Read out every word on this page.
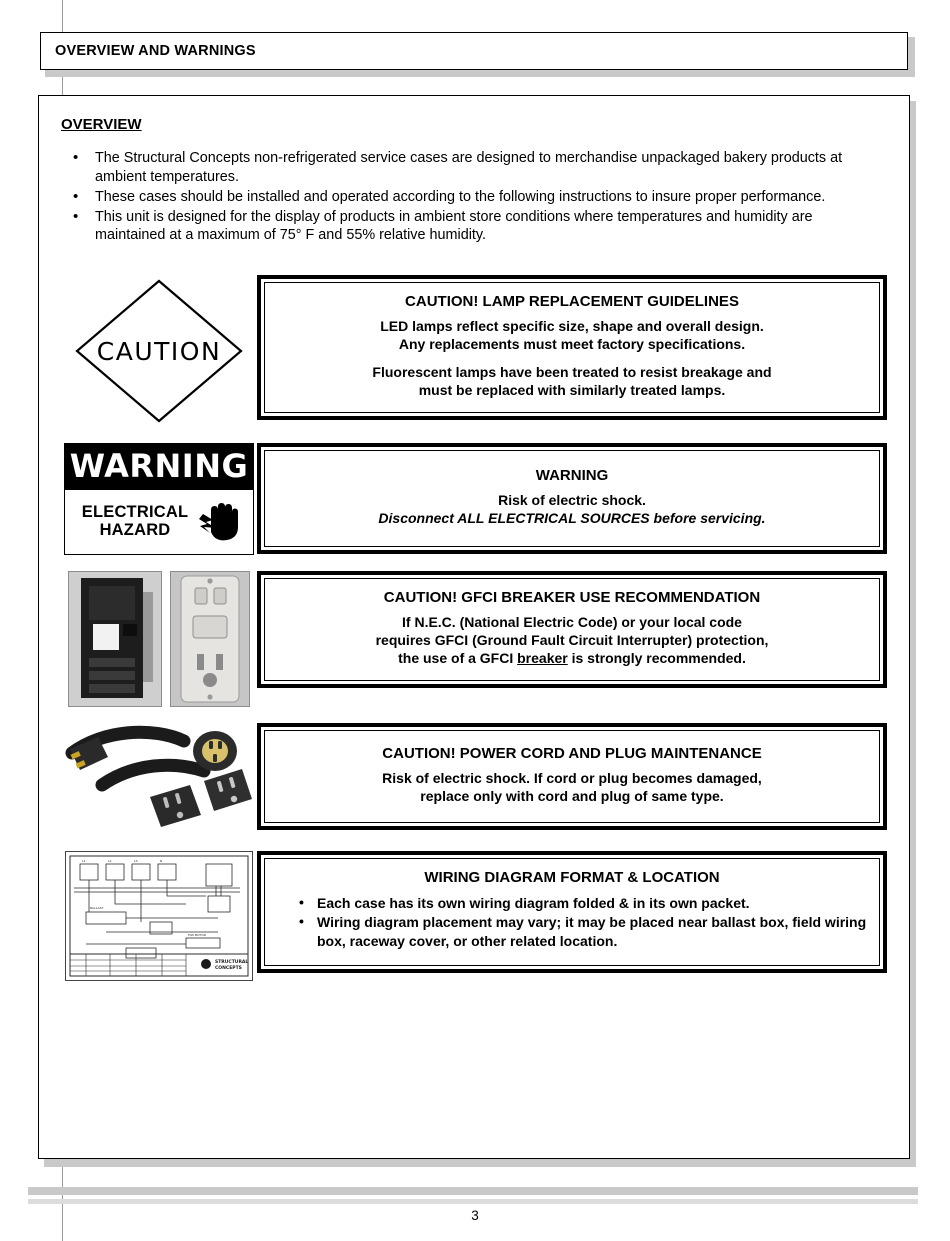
OVERVIEW AND WARNINGS
OVERVIEW
• The Structural Concepts non-refrigerated service cases are designed to merchandise unpackaged bakery products at ambient temperatures.
• These cases should be installed and operated according to the following instructions to insure proper performance.
• This unit is designed for the display of products in ambient store conditions where temperatures and humidity are maintained at a maximum of 75° F and 55% relative humidity.
CAUTION
CAUTION! LAMP REPLACEMENT GUIDELINES
LED lamps reflect specific size, shape and overall design.
Any replacements must meet factory specifications.
Fluorescent lamps have been treated to resist breakage and
must be replaced with similarly treated lamps.
WARNING
ELECTRICAL
HAZARD
WARNING
Risk of electric shock.
Disconnect ALL ELECTRICAL SOURCES before servicing.
CAUTION! GFCI BREAKER USE RECOMMENDATION
If N.E.C. (National Electric Code) or your local code
requires GFCI (Ground Fault Circuit Interrupter) protection,
the use of a GFCI breaker is strongly recommended.
CAUTION! POWER CORD AND PLUG MAINTENANCE
Risk of electric shock. If cord or plug becomes damaged,
replace only with cord and plug of same type.
L1	L2	L3	N
BALLAST
FAN MOTOR
STRUCTURAL
CONCEPTS
WIRING DIAGRAM FORMAT & LOCATION
• Each case has its own wiring diagram folded & in its own packet.
• Wiring diagram placement may vary; it may be placed near ballast box, field wiring box, raceway cover, or other related location.
3
